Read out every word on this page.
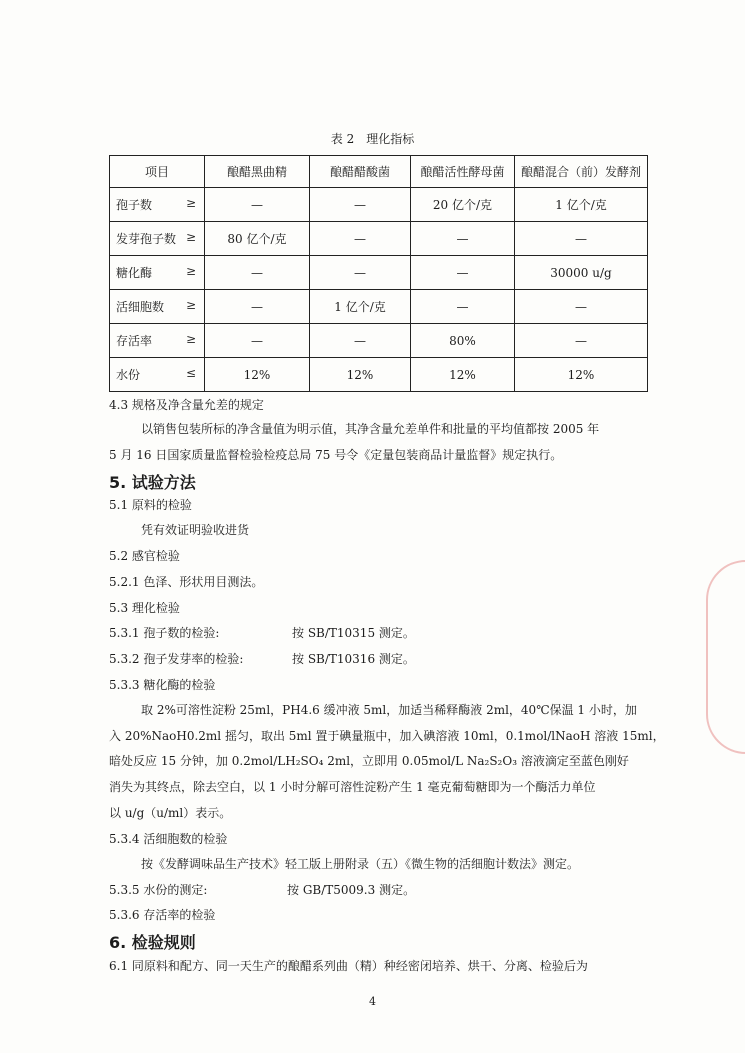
表 2　理化指标
项目	酿醋黑曲精	酿醋醋酸菌	酿醋活性酵母菌	酿醋混合（前）发酵剂
孢子数 ≥	—	—	20 亿个/克	1 亿个/克
发芽孢子数 ≥	80 亿个/克	—	—	—
糖化酶 ≥	—	—	—	30000 u/g
活细胞数 ≥	—	1 亿个/克	—	—
存活率 ≥	—	—	80%	—
水份 ≤	12%	12%	12%	12%
4.3 规格及净含量允差的规定
以销售包装所标的净含量值为明示值，其净含量允差单件和批量的平均值都按 2005 年
5 月 16 日国家质量监督检验检疫总局 75 号令《定量包装商品计量监督》规定执行。
5. 试验方法
5.1 原料的检验
凭有效证明验收进货
5.2 感官检验
5.2.1 色泽、形状用目测法。
5.3 理化检验
5.3.1 孢子数的检验:	按 SB/T10315 测定。
5.3.2 孢子发芽率的检验:	按 SB/T10316 测定。
5.3.3 糖化酶的检验
取 2%可溶性淀粉 25ml，PH4.6 缓冲液 5ml，加适当稀释酶液 2ml，40℃保温 1 小时，加
入 20%NaoH0.2ml 摇匀，取出 5ml 置于碘量瓶中，加入碘溶液 10ml，0.1mol/lNaoH 溶液 15ml，
暗处反应 15 分钟，加 0.2mol/LH₂SO₄ 2ml，立即用 0.05mol/L Na₂S₂O₃ 溶液滴定至蓝色刚好
消失为其终点，除去空白，以 1 小时分解可溶性淀粉产生 1 毫克葡萄糖即为一个酶活力单位
以 u/g（u/ml）表示。
5.3.4 活细胞数的检验
按《发酵调味品生产技术》轻工版上册附录（五）《微生物的活细胞计数法》测定。
5.3.5 水份的测定:	按 GB/T5009.3 测定。
5.3.6 存活率的检验
6. 检验规则
6.1 同原料和配方、同一天生产的酿醋系列曲（精）种经密闭培养、烘干、分离、检验后为
4
